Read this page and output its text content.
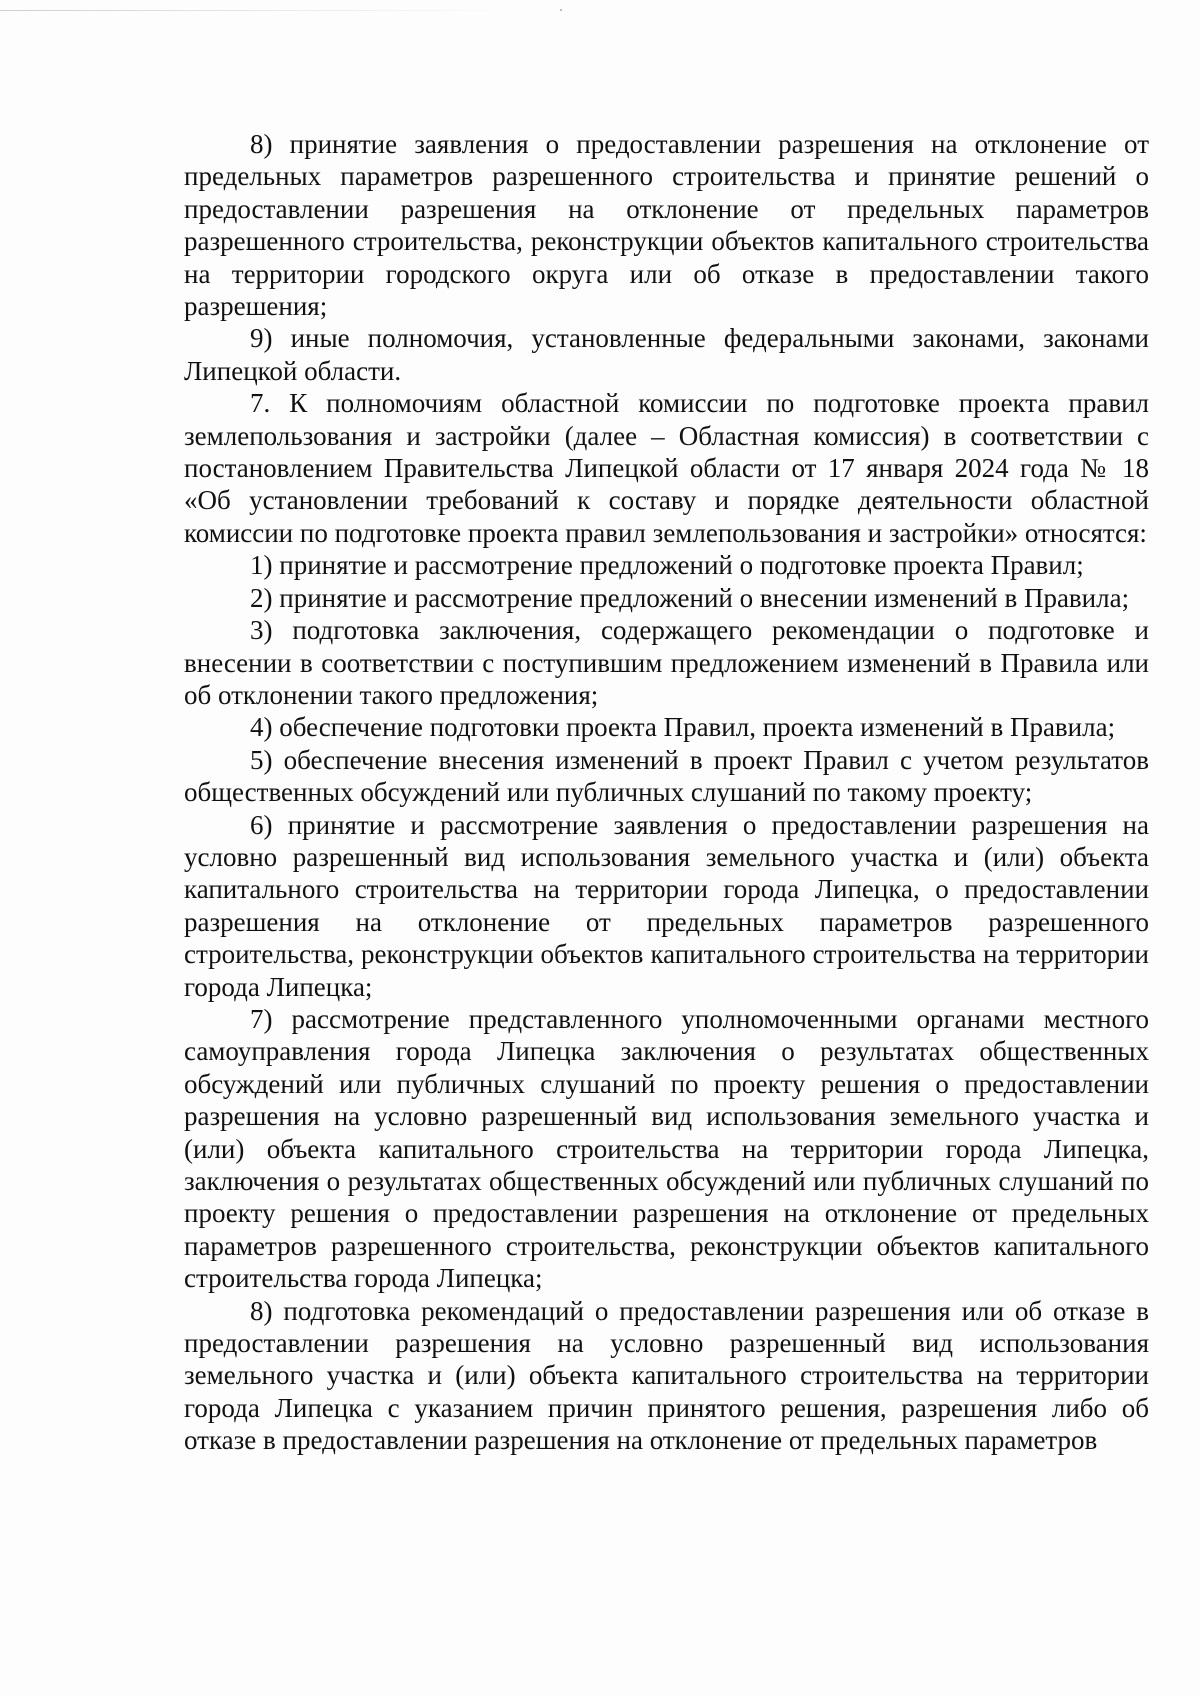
8) принятие заявления о предоставлении разрешения на отклонение от предельных параметров разрешенного строительства и принятие решений о предоставлении разрешения на отклонение от предельных параметров разрешенного строительства, реконструкции объектов капитального строительства на территории городского округа или об отказе в предоставлении такого разрешения;

9) иные полномочия, установленные федеральными законами, законами Липецкой области.

7. К полномочиям областной комиссии по подготовке проекта правил землепользования и застройки (далее – Областная комиссия) в соответствии с постановлением Правительства Липецкой области от 17 января 2024 года № 18 «Об установлении требований к составу и порядке деятельности областной комиссии по подготовке проекта правил землепользования и застройки» относятся:

1) принятие и рассмотрение предложений о подготовке проекта Правил;

2) принятие и рассмотрение предложений о внесении изменений в Правила;

3) подготовка заключения, содержащего рекомендации о подготовке и внесении в соответствии с поступившим предложением изменений в Правила или об отклонении такого предложения;

4) обеспечение подготовки проекта Правил, проекта изменений в Правила;

5) обеспечение внесения изменений в проект Правил с учетом результатов общественных обсуждений или публичных слушаний по такому проекту;

6) принятие и рассмотрение заявления о предоставлении разрешения на условно разрешенный вид использования земельного участка и (или) объекта капитального строительства на территории города Липецка, о предоставлении разрешения на отклонение от предельных параметров разрешенного строительства, реконструкции объектов капитального строительства на территории города Липецка;

7) рассмотрение представленного уполномоченными органами местного самоуправления города Липецка заключения о результатах общественных обсуждений или публичных слушаний по проекту решения о предоставлении разрешения на условно разрешенный вид использования земельного участка и (или) объекта капитального строительства на территории города Липецка, заключения о результатах общественных обсуждений или публичных слушаний по проекту решения о предоставлении разрешения на отклонение от предельных параметров разрешенного строительства, реконструкции объектов капитального строительства города Липецка;

8) подготовка рекомендаций о предоставлении разрешения или об отказе в предоставлении разрешения на условно разрешенный вид использования земельного участка и (или) объекта капитального строительства на территории города Липецка с указанием причин принятого решения, разрешения либо об отказе в предоставлении разрешения на отклонение от предельных параметров
